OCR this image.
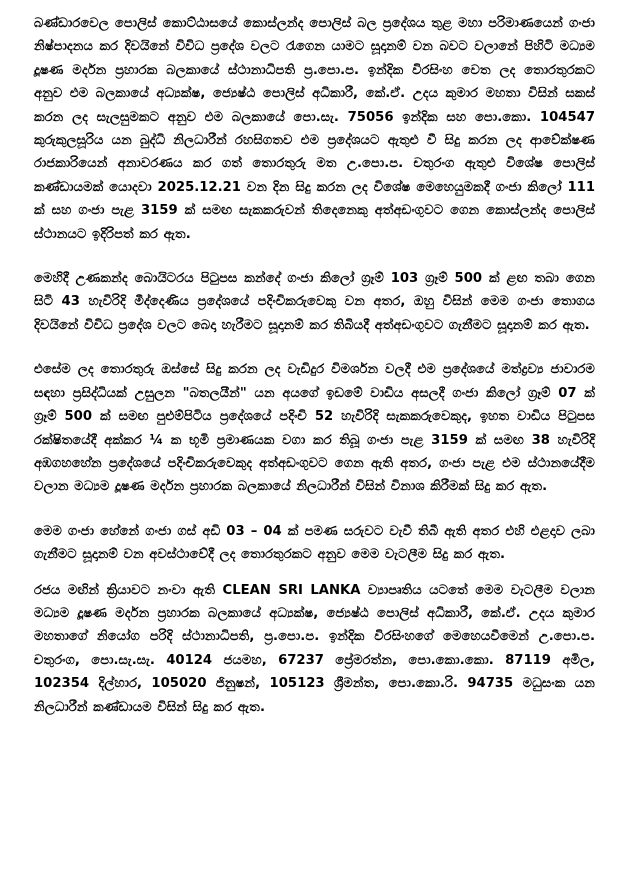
බණ්ඩාරවෙල පොලිස් කොට්ඨාසයේ කොස්ලන්ද පොලිස් බල ප්‍රදේශය තුළ මහා පරිමාණයෙන් ගංජා නිෂ්පාදනය කර දිවයිනේ විවිධ ප්‍රදේශ වලට රැගෙන යාමට සූදානම් වන බවට වලානේ පිහිටි මධ්‍යම දූෂණ මර්දන ප්‍රහාරක බලකායේ ස්ථානාධිපති ප්‍ර.පො.ප. ඉන්දික විරසිංහ වෙත ලද තොරතුරකට අනුව එම බලකායේ අධ්‍යක්ෂ, ජ්‍යෙෂ්ඨ පොලිස් අධිකාරී, කේ.ඒ. උදය කුමාර මහතා විසින් සකස් කරන ලද සැලසුමකට අනුව එම බලකායේ පො.සැ. 75056 ඉන්දික සහ පො.කො. 104547 කුරුකුලසූරිය යන බුද්ධි නිලධාරීන් රහසිගතව එම ප්‍රදේශයට ඇතුළු වී සිදු කරන ලද ආවේක්ෂණ රාජකාරියෙන් අනාවරණය කර ගත් තොරතුරු මත උ.පො.ප. චතුරංග ඇතුළු විශේෂ පොලිස් කණ්ඩායමක් යොදවා 2025.12.21 වන දින සිදු කරන ලද විශේෂ මෙහෙයුමකදී ගංජා කිලෝ 111 ක් සහ ගංජා පැළ 3159 ක් සමඟ සැකකරුවන් තිදෙනෙකු අත්අඩංගුවට ගෙන කොස්ලන්ද පොලිස් ස්ථානයට ඉදිරිපත් කර ඇත.

මෙහිදී උණකන්ද බොයිටරය පිටුපස කන්දේ ගංජා කිලෝ ග්‍රෑම් 103 ග්‍රෑම් 500 ක් ළඟ තබා ගෙන සිටි 43 හැවිරිදි මීද්දෙණිය ප්‍රදේශයේ පදිංචිකරුවෙකු වන අතර, ඔහු විසින් මෙම ගංජා තොගය දිවයිනේ විවිධ ප්‍රදේශ වලට බෙදා හැරීමට සූදානම් කර තිබියදී අත්අඩංගුවට ගැනීමට සූදානම් කර ඇත.

එසේම ලද තොරතුරු ඔස්සේ සිදු කරන ලද වැඩිදුර විමර්ශන වලදී එම ප්‍රදේශයේ මත්ද්‍රව්‍ය ජාවාරම සඳහා ප්‍රසිද්ධියක් උසුලන "බතලයීන්" යන අයගේ ඉඩමේ වාඩිය අසලදී ගංජා කිලෝ ග්‍රෑම් 07 ක් ග්‍රෑම් 500 ක් සමඟ පුළුම්පිටිය ප්‍රදේශයේ පදිංචි 52 හැවිරිදි සැකකරුවෙකුද, ඉහත වාඩිය පිටුපස රක්ෂිතයේදී අක්කර ¼ ක භූමි ප්‍රමාණයක වගා කර තිබූ ගංජා පැළ 3159 ක් සමඟ 38 හැවිරිදි අඹගහහේන ප්‍රදේශයේ පදිංචිකරුවෙකුද අත්අඩංගුවට ගෙන ඇති අතර, ගංජා පැළ එම ස්ථානයේදීම වලාන මධ්‍යම දූෂණ මර්දන ප්‍රහාරක බලකායේ නිලධාරීන් විසින් විනාශ කිරීමක් සිදු කර ඇත.

මෙම ගංජා හේනේ ගංජා ගස් අඩි 03 – 04 ක් පමණ සරුවට වැවී තිබී ඇති අතර එහි එළදාව ලබා ගැනීමට සූදානම් වන අවස්ථාවේදී ලද තොරතුරකට අනුව මෙම වැටලීම සිදු කර ඇත.

රජය මඟින් ක්‍රියාවට නංවා ඇති CLEAN SRI LANKA ව්‍යාපෘතිය යටතේ මෙම වැටලීම වලාන මධ්‍යම දූෂණ මර්දන ප්‍රහාරක බලකායේ අධ්‍යක්ෂ, ජ්‍යෙෂ්ඨ පොලිස් අධිකාරී, කේ.ඒ. උදය කුමාර මහතාගේ නියෝග පරිදි ස්ථානාධිපති, ප්‍ර.පො.ප. ඉන්දික විරසිංහගේ මෙහෙයවීමෙන් උ.පො.ප. චතුරංග, පො.සැ.සැ. 40124 ජයමහ, 67237 ප්‍රේමරත්න, පො.කො.කො. 87119 අමිල, 102354 දිල්හාර, 105020 ජිනුෂන්, 105123 ශ්‍රීමන්ත, පො.කො.රි. 94735 මධුසංක යන නිලධාරීන් කණ්ඩායම විසින් සිදු කර ඇත.
